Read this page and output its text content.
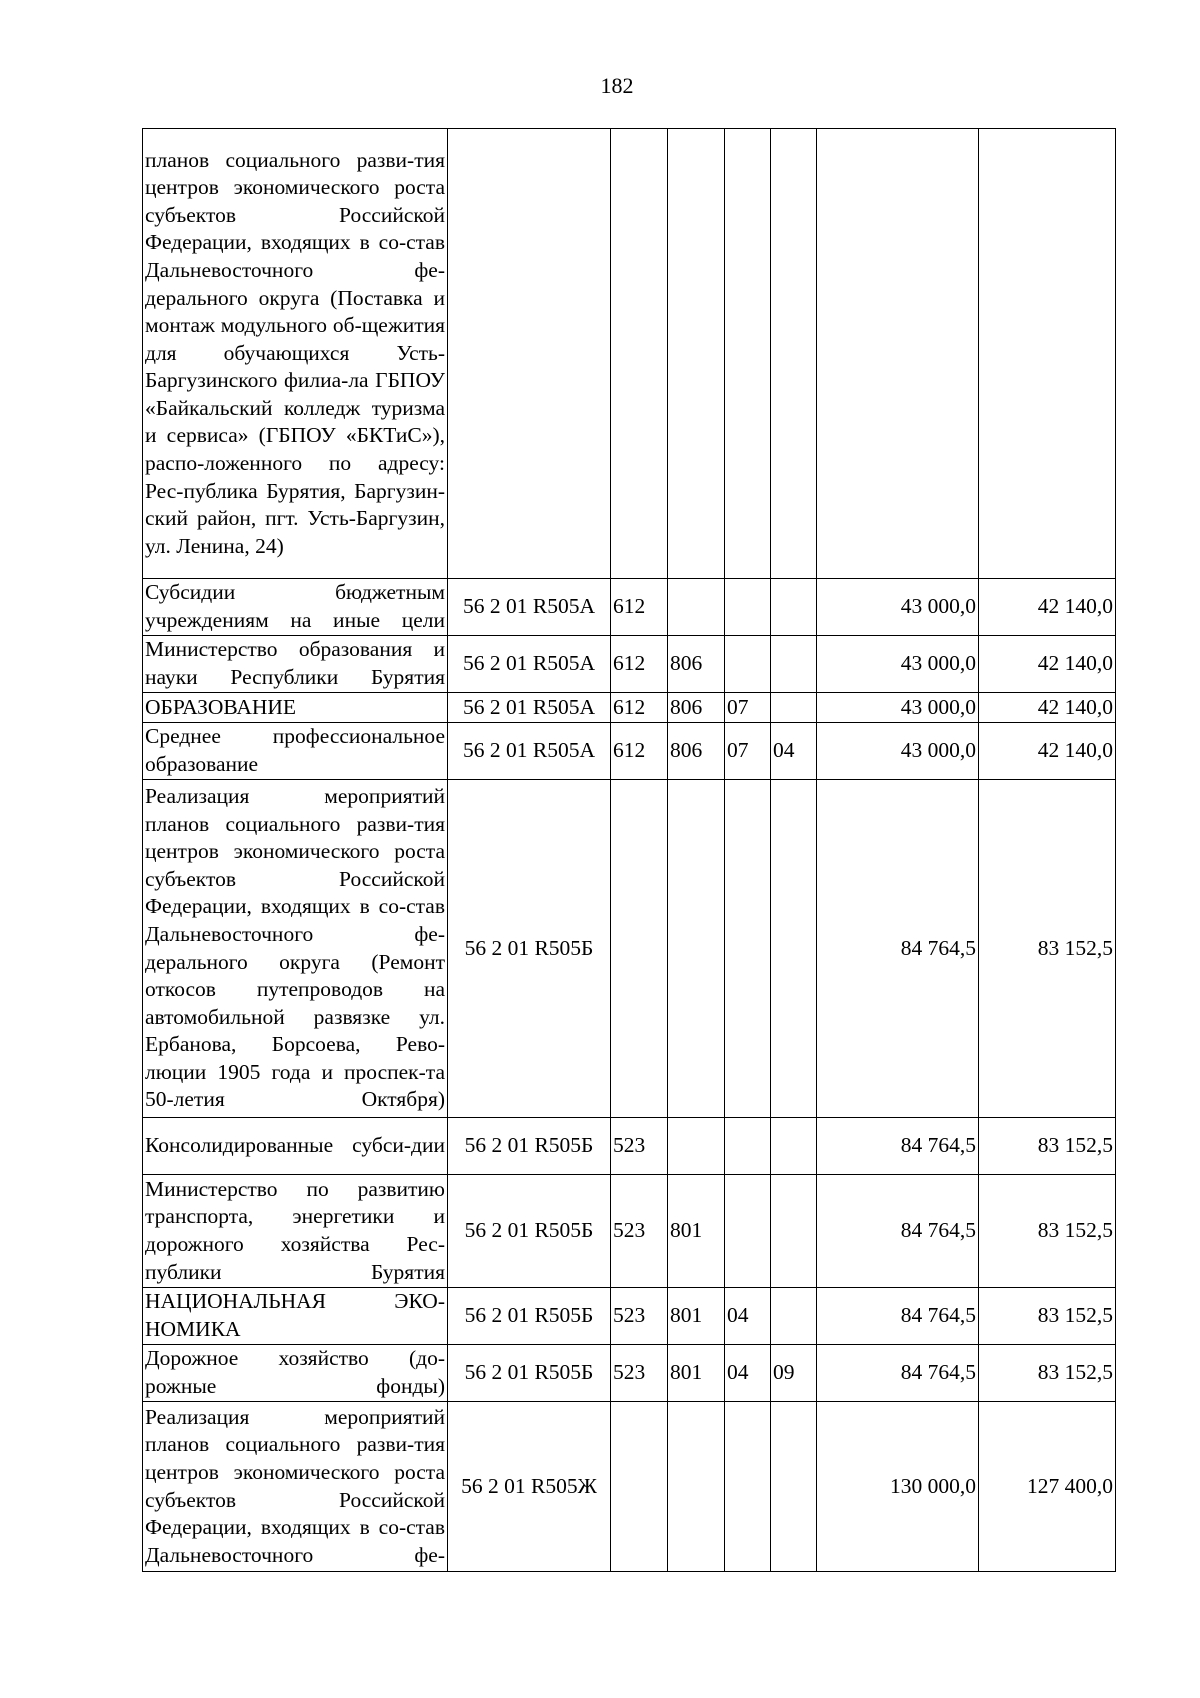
182
планов социального разви-тия центров экономического роста субъектов Российской Федерации, входящих в со-став Дальневосточного фе-дерального округа (Поставка и монтаж модульного об-щежития для обучающихся Усть-Баргузинского филиа-ла ГБПОУ «Байкальский колледж туризма и сервиса» (ГБПОУ «БКТиС»), распо-ложенного по адресу: Рес-публика Бурятия, Баргузин-ский район, пгт. Усть-Баргузин, ул. Ленина, 24)							
Субсидии бюджетным учреждениям на иные цели	56 2 01 R505А	612				43 000,0	42 140,0
Министерство образования и науки Республики Бурятия	56 2 01 R505А	612	806			43 000,0	42 140,0
ОБРАЗОВАНИЕ	56 2 01 R505А	612	806	07		43 000,0	42 140,0
Среднее профессиональное образование	56 2 01 R505А	612	806	07	04	43 000,0	42 140,0
Реализация мероприятий планов социального разви-тия центров экономического роста субъектов Российской Федерации, входящих в со-став Дальневосточного фе-дерального округа (Ремонт откосов путепроводов на автомобильной развязке ул. Ербанова, Борсоева, Рево-люции 1905 года и проспек-та 50-летия Октября)	56 2 01 R505Б					84 764,5	83 152,5
Консолидированные субси-дии	56 2 01 R505Б	523				84 764,5	83 152,5
Министерство по развитию транспорта, энергетики и дорожного хозяйства Рес-публики Бурятия	56 2 01 R505Б	523	801			84 764,5	83 152,5
НАЦИОНАЛЬНАЯ ЭКО-НОМИКА	56 2 01 R505Б	523	801	04		84 764,5	83 152,5
Дорожное хозяйство (до-рожные фонды)	56 2 01 R505Б	523	801	04	09	84 764,5	83 152,5
Реализация мероприятий планов социального разви-тия центров экономического роста субъектов Российской Федерации, входящих в со-став Дальневосточного фе-	56 2 01 R505Ж					130 000,0	127 400,0
